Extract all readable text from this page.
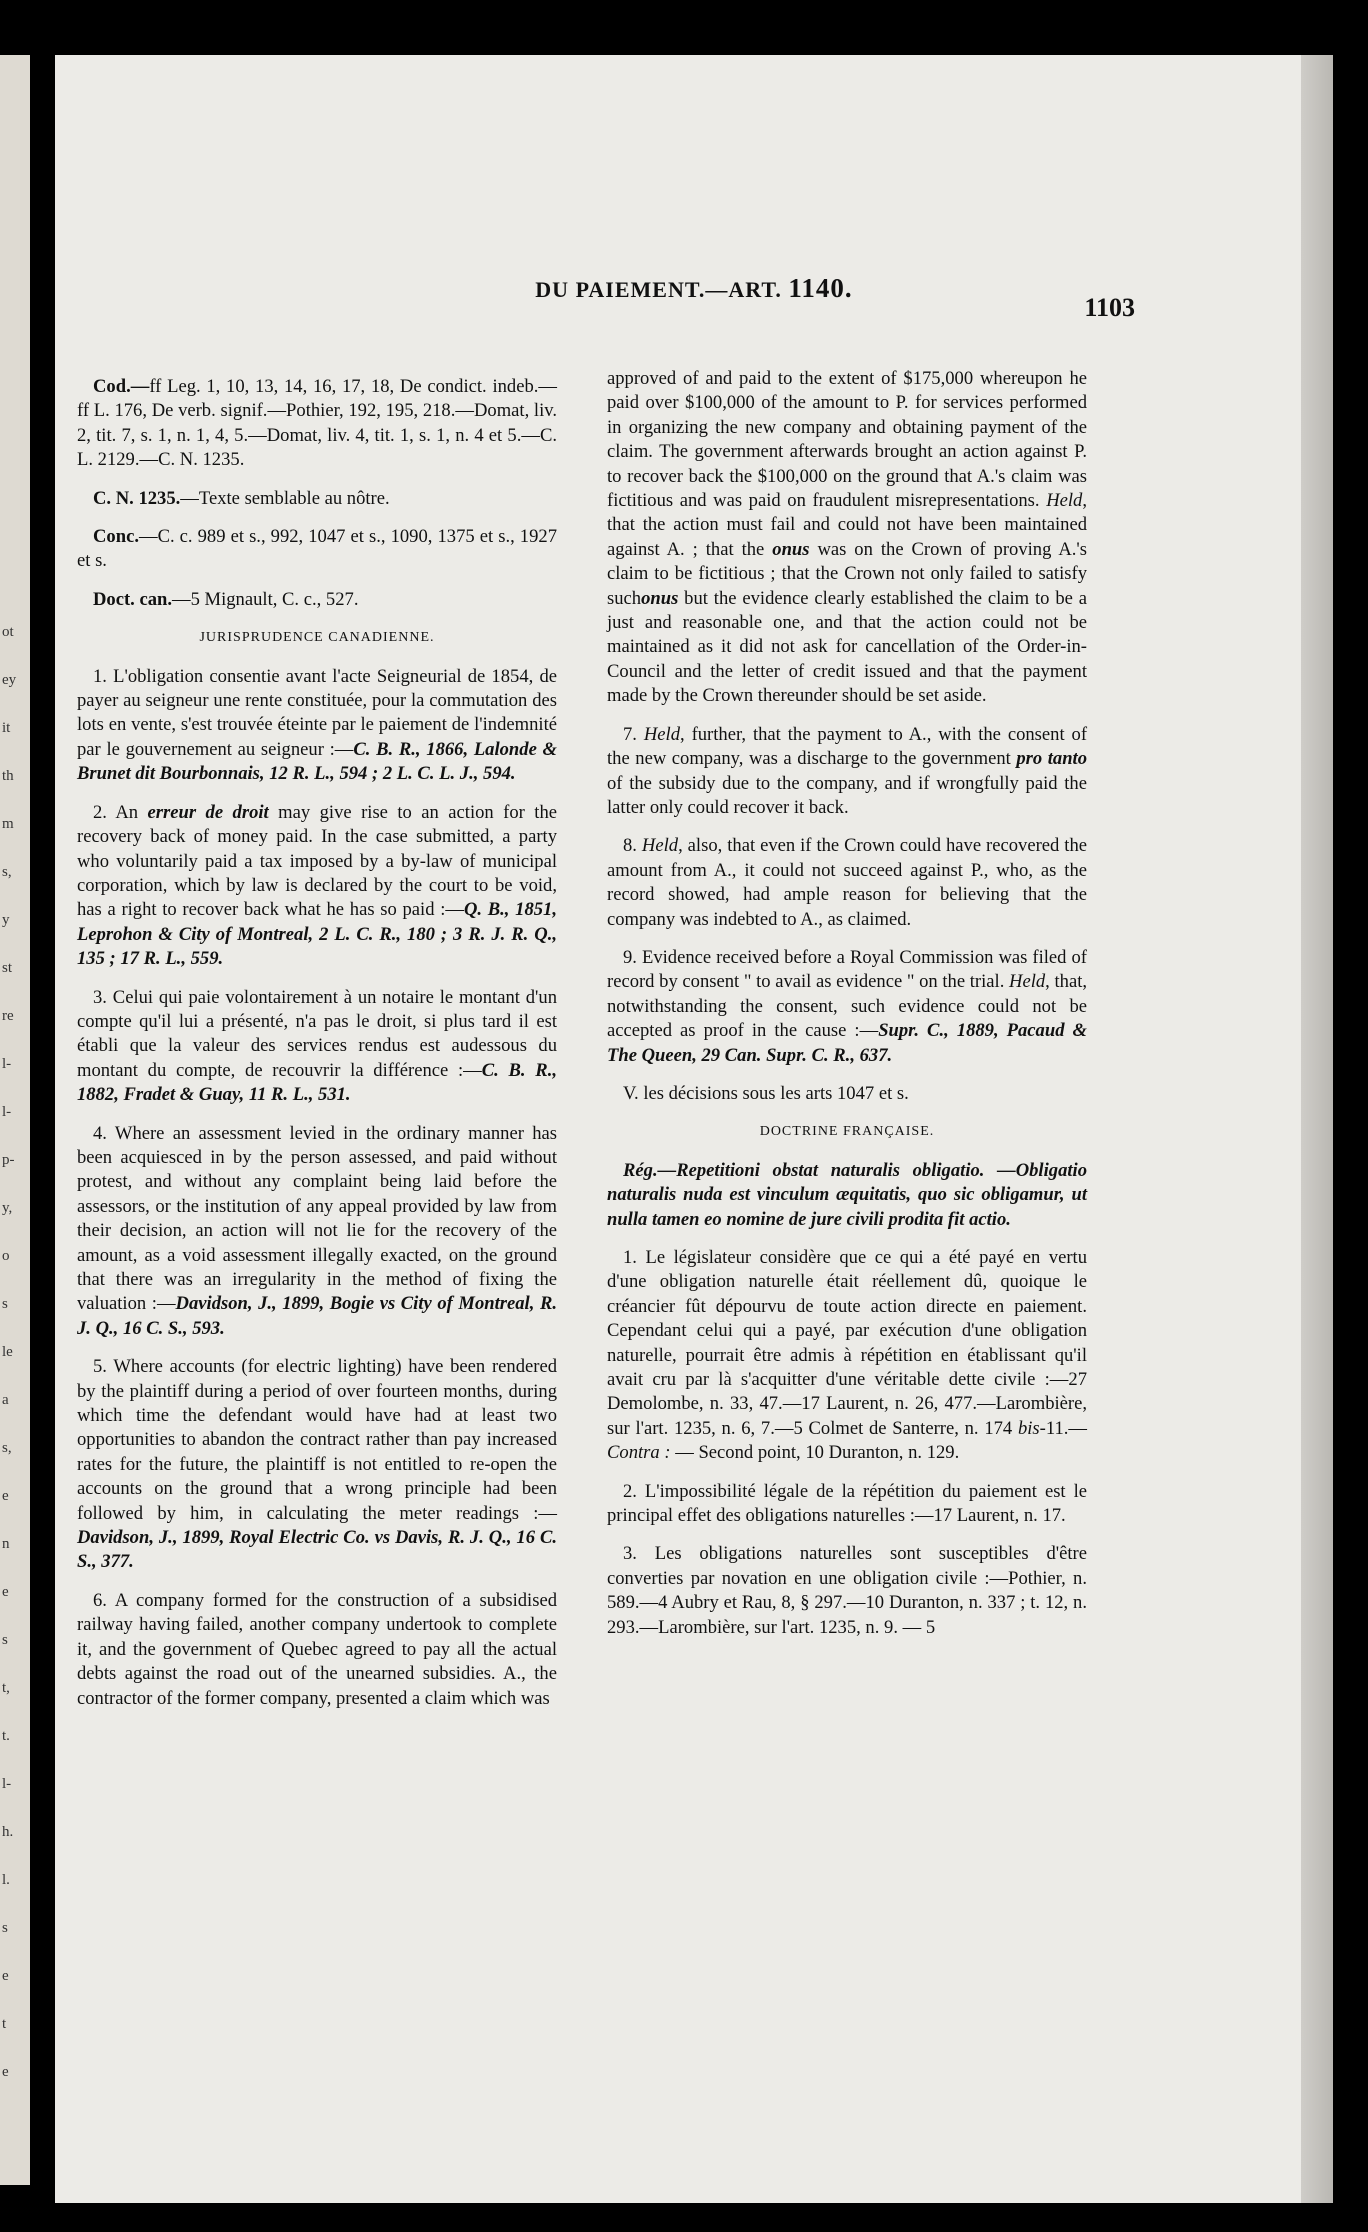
ot
ey
it
th
m
s,
y
st
re
l-
l-
p-
y,
o
s
le
a
s,
e
n
e
s
t,
t.
l-
h.
l.
s
e
t
e
DU PAIEMENT.—ART. 1140.
1103

Cod.—ff Leg. 1, 10, 13, 14, 16, 17, 18, De condict. indeb.—ff L. 176, De verb. signif.—Pothier, 192, 195, 218.—Domat, liv. 2, tit. 7, s. 1, n. 1, 4, 5.—Domat, liv. 4, tit. 1, s. 1, n. 4 et 5.—C. L. 2129.—C. N. 1235.

C. N. 1235.—Texte semblable au nôtre.

Conc.—C. c. 989 et s., 992, 1047 et s., 1090, 1375 et s., 1927 et s.

Doct. can.—5 Mignault, C. c., 527.

JURISPRUDENCE CANADIENNE.

1. L'obligation consentie avant l'acte Seigneurial de 1854, de payer au seigneur une rente constituée, pour la commutation des lots en vente, s'est trouvée éteinte par le paiement de l'indemnité par le gouvernement au seigneur :—C. B. R., 1866, Lalonde & Brunet dit Bourbonnais, 12 R. L., 594 ; 2 L. C. L. J., 594.

2. An erreur de droit may give rise to an action for the recovery back of money paid. In the case submitted, a party who voluntarily paid a tax imposed by a by-law of municipal corporation, which by law is declared by the court to be void, has a right to recover back what he has so paid :—Q. B., 1851, Leprohon & City of Montreal, 2 L. C. R., 180 ; 3 R. J. R. Q., 135 ; 17 R. L., 559.

3. Celui qui paie volontairement à un notaire le montant d'un compte qu'il lui a présenté, n'a pas le droit, si plus tard il est établi que la valeur des services rendus est audessous du montant du compte, de recouvrir la différence :—C. B. R., 1882, Fradet & Guay, 11 R. L., 531.

4. Where an assessment levied in the ordinary manner has been acquiesced in by the person assessed, and paid without protest, and without any complaint being laid before the assessors, or the institution of any appeal provided by law from their decision, an action will not lie for the recovery of the amount, as a void assessment illegally exacted, on the ground that there was an irregularity in the method of fixing the valuation :—Davidson, J., 1899, Bogie vs City of Montreal, R. J. Q., 16 C. S., 593.

5. Where accounts (for electric lighting) have been rendered by the plaintiff during a period of over fourteen months, during which time the defendant would have had at least two opportunities to abandon the contract rather than pay increased rates for the future, the plaintiff is not entitled to re-open the accounts on the ground that a wrong principle had been followed by him, in calculating the meter readings :—Davidson, J., 1899, Royal Electric Co. vs Davis, R. J. Q., 16 C. S., 377.

6. A company formed for the construction of a subsidised railway having failed, another company undertook to complete it, and the government of Quebec agreed to pay all the actual debts against the road out of the unearned subsidies. A., the contractor of the former company, presented a claim which was

approved of and paid to the extent of $175,000 whereupon he paid over $100,000 of the amount to P. for services performed in organizing the new company and obtaining payment of the claim. The government afterwards brought an action against P. to recover back the $100,000 on the ground that A.'s claim was fictitious and was paid on fraudulent misrepresentations. Held, that the action must fail and could not have been maintained against A. ; that the onus was on the Crown of proving A.'s claim to be fictitious ; that the Crown not only failed to satisfy suchonus but the evidence clearly established the claim to be a just and reasonable one, and that the action could not be maintained as it did not ask for cancellation of the Order-in-Council and the letter of credit issued and that the payment made by the Crown thereunder should be set aside.

7. Held, further, that the payment to A., with the consent of the new company, was a discharge to the government pro tanto of the subsidy due to the company, and if wrongfully paid the latter only could recover it back.

8. Held, also, that even if the Crown could have recovered the amount from A., it could not succeed against P., who, as the record showed, had ample reason for believing that the company was indebted to A., as claimed.

9. Evidence received before a Royal Commission was filed of record by consent " to avail as evidence " on the trial. Held, that, notwithstanding the consent, such evidence could not be accepted as proof in the cause :—Supr. C., 1889, Pacaud & The Queen, 29 Can. Supr. C. R., 637.

V. les décisions sous les arts 1047 et s.

DOCTRINE FRANÇAISE.

Rég.—Repetitioni obstat naturalis obligatio. —Obligatio naturalis nuda est vinculum æquitatis, quo sic obligamur, ut nulla tamen eo nomine de jure civili prodita fit actio.

1. Le législateur considère que ce qui a été payé en vertu d'une obligation naturelle était réellement dû, quoique le créancier fût dépourvu de toute action directe en paiement. Cependant celui qui a payé, par exécution d'une obligation naturelle, pourrait être admis à répétition en établissant qu'il avait cru par là s'acquitter d'une véritable dette civile :—27 Demolombe, n. 33, 47.—17 Laurent, n. 26, 477.—Larombière, sur l'art. 1235, n. 6, 7.—5 Colmet de Santerre, n. 174 bis-11.—Contra : — Second point, 10 Duranton, n. 129.

2. L'impossibilité légale de la répétition du paiement est le principal effet des obligations naturelles :—17 Laurent, n. 17.

3. Les obligations naturelles sont susceptibles d'être converties par novation en une obligation civile :—Pothier, n. 589.—4 Aubry et Rau, 8, § 297.—10 Duranton, n. 337 ; t. 12, n. 293.—Larombière, sur l'art. 1235, n. 9. — 5
